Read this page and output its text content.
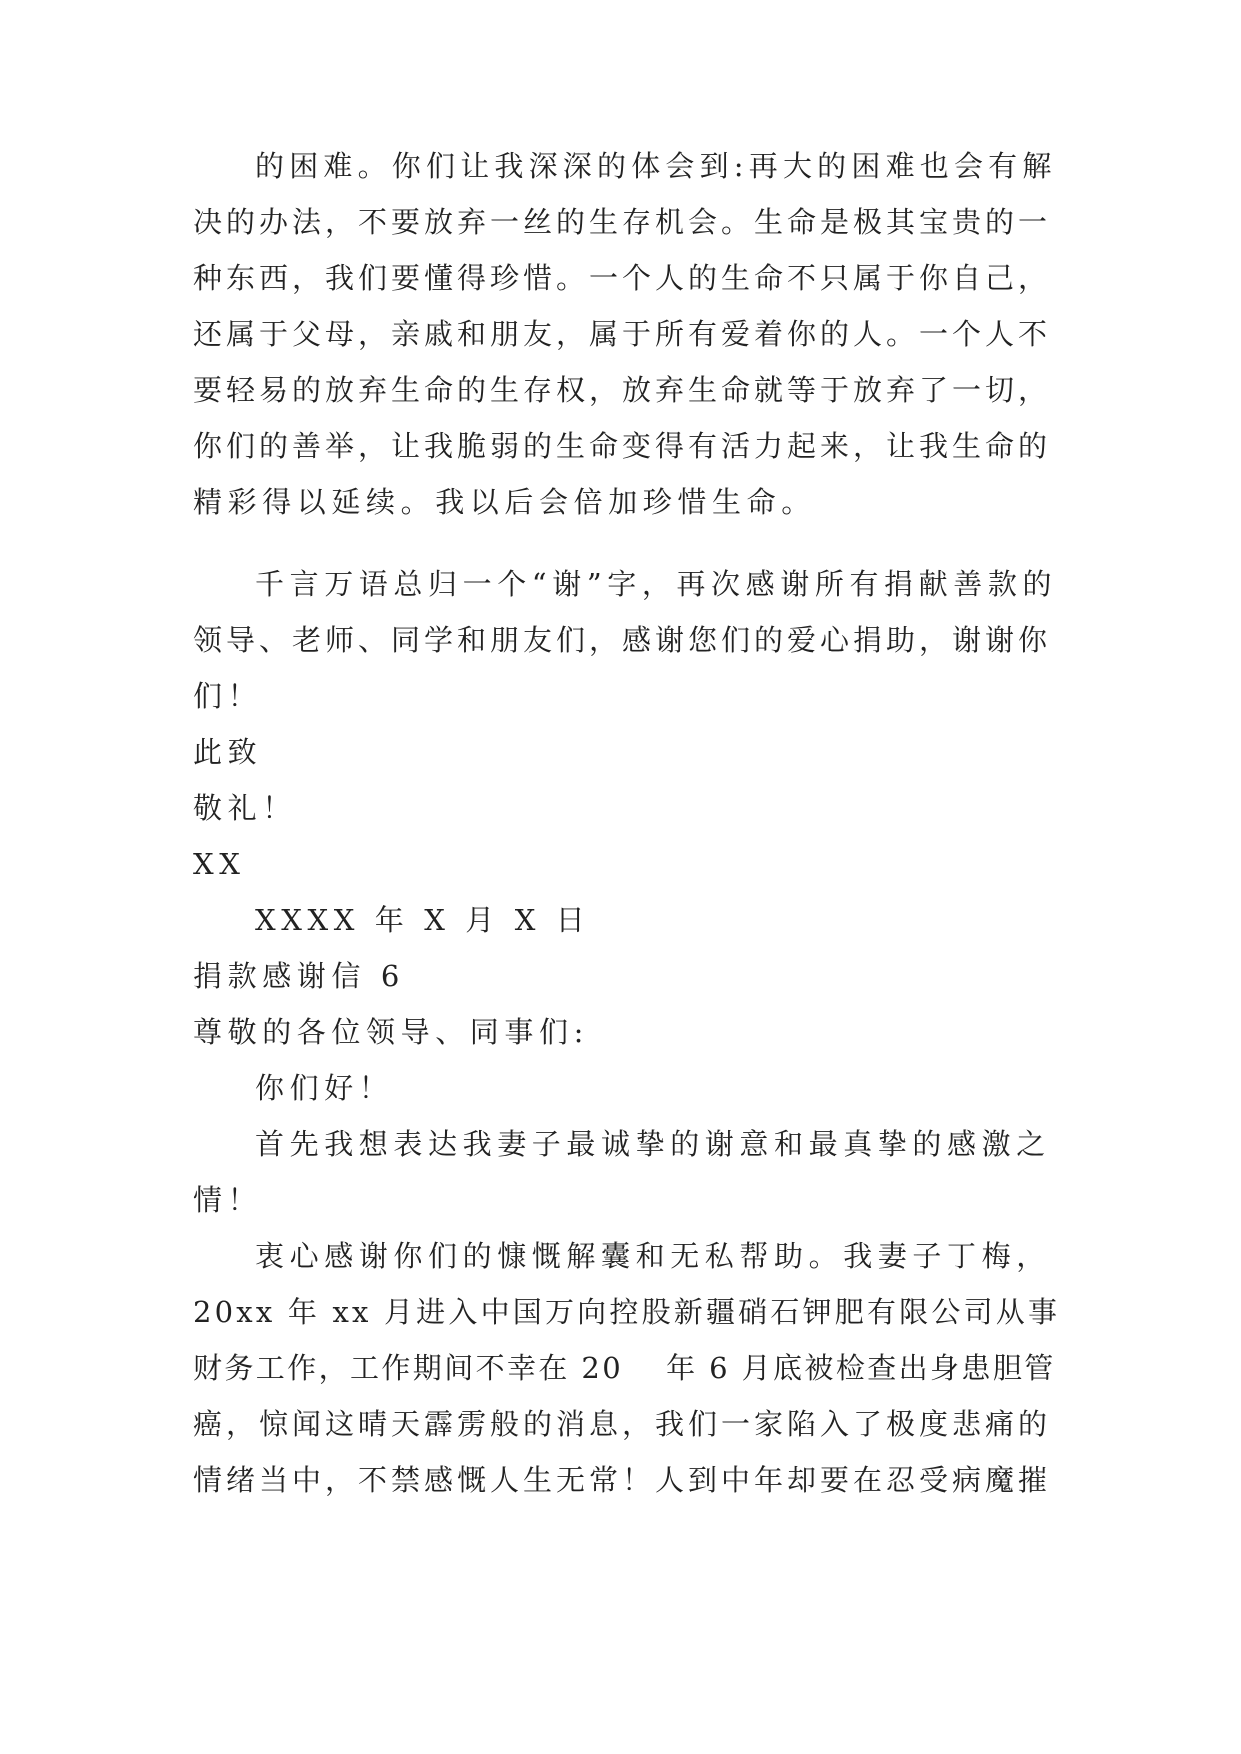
的困难。你们让我深深的体会到:再大的困难也会有解
决的办法，不要放弃一丝的生存机会。生命是极其宝贵的一
种东西，我们要懂得珍惜。一个人的生命不只属于你自己，
还属于父母，亲戚和朋友，属于所有爱着你的人。一个人不
要轻易的放弃生命的生存权，放弃生命就等于放弃了一切，
你们的善举，让我脆弱的生命变得有活力起来，让我生命的
精彩得以延续。我以后会倍加珍惜生命。
千言万语总归一个“谢”字，再次感谢所有捐献善款的
领导、老师、同学和朋友们，感谢您们的爱心捐助，谢谢你
们！
此致
敬礼！
XX
XXXX 年 X 月 X 日
捐款感谢信 6
尊敬的各位领导、同事们:
你们好！
首先我想表达我妻子最诚挚的谢意和最真挚的感激之
情！
衷心感谢你们的慷慨解囊和无私帮助。我妻子丁梅，
20xx 年 xx 月进入中国万向控股新疆硝石钾肥有限公司从事
财务工作，工作期间不幸在 20　 年 6 月底被检查出身患胆管
癌，惊闻这晴天霹雳般的消息，我们一家陷入了极度悲痛的
情绪当中，不禁感慨人生无常！人到中年却要在忍受病魔摧
